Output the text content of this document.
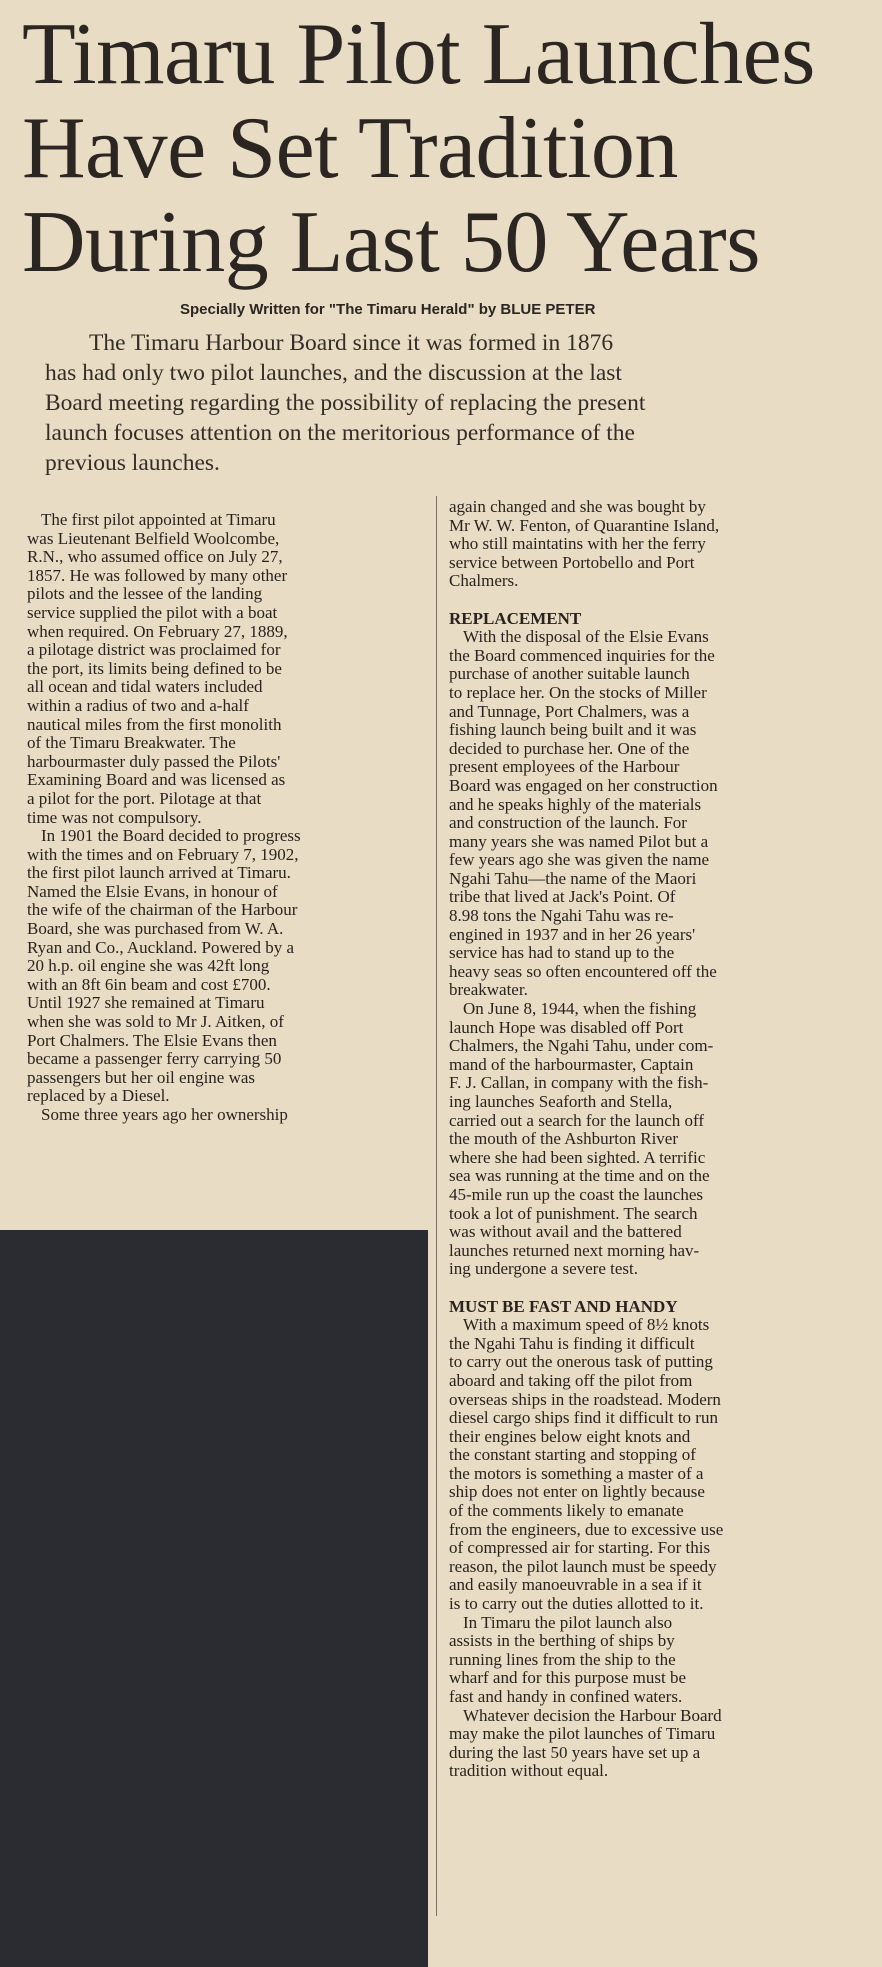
Timaru Pilot Launches
Have Set Tradition
During Last 50 Years
Specially Written for "The Timaru Herald" by BLUE PETER

The Timaru Harbour Board since it was formed in 1876
has had only two pilot launches, and the discussion at the last
Board meeting regarding the possibility of replacing the present
launch focuses attention on the meritorious performance of the
previous launches.

The first pilot appointed at Timaru
was Lieutenant Belfield Woolcombe,
R.N., who assumed office on July 27,
1857. He was followed by many other
pilots and the lessee of the landing
service supplied the pilot with a boat
when required. On February 27, 1889,
a pilotage district was proclaimed for
the port, its limits being defined to be
all ocean and tidal waters included
within a radius of two and a-half
nautical miles from the first monolith
of the Timaru Breakwater. The
harbourmaster duly passed the Pilots'
Examining Board and was licensed as
a pilot for the port. Pilotage at that
time was not compulsory.
In 1901 the Board decided to progress
with the times and on February 7, 1902,
the first pilot launch arrived at Timaru.
Named the Elsie Evans, in honour of
the wife of the chairman of the Harbour
Board, she was purchased from W. A.
Ryan and Co., Auckland. Powered by a
20 h.p. oil engine she was 42ft long
with an 8ft 6in beam and cost £700.
Until 1927 she remained at Timaru
when she was sold to Mr J. Aitken, of
Port Chalmers. The Elsie Evans then
became a passenger ferry carrying 50
passengers but her oil engine was
replaced by a Diesel.
Some three years ago her ownership
again changed and she was bought by
Mr W. W. Fenton, of Quarantine Island,
who still maintatins with her the ferry
service between Portobello and Port
Chalmers.

REPLACEMENT
With the disposal of the Elsie Evans
the Board commenced inquiries for the
purchase of another suitable launch
to replace her. On the stocks of Miller
and Tunnage, Port Chalmers, was a
fishing launch being built and it was
decided to purchase her. One of the
present employees of the Harbour
Board was engaged on her construction
and he speaks highly of the materials
and construction of the launch. For
many years she was named Pilot but a
few years ago she was given the name
Ngahi Tahu—the name of the Maori
tribe that lived at Jack's Point. Of
8.98 tons the Ngahi Tahu was re-
engined in 1937 and in her 26 years'
service has had to stand up to the
heavy seas so often encountered off the
breakwater.
On June 8, 1944, when the fishing
launch Hope was disabled off Port
Chalmers, the Ngahi Tahu, under com-
mand of the harbourmaster, Captain
F. J. Callan, in company with the fish-
ing launches Seaforth and Stella,
carried out a search for the launch off
the mouth of the Ashburton River
where she had been sighted. A terrific
sea was running at the time and on the
45-mile run up the coast the launches
took a lot of punishment. The search
was without avail and the battered
launches returned next morning hav-
ing undergone a severe test.

MUST BE FAST AND HANDY
With a maximum speed of 8½ knots
the Ngahi Tahu is finding it difficult
to carry out the onerous task of putting
aboard and taking off the pilot from
overseas ships in the roadstead. Modern
diesel cargo ships find it difficult to run
their engines below eight knots and
the constant starting and stopping of
the motors is something a master of a
ship does not enter on lightly because
of the comments likely to emanate
from the engineers, due to excessive use
of compressed air for starting. For this
reason, the pilot launch must be speedy
and easily manoeuvrable in a sea if it
is to carry out the duties allotted to it.
In Timaru the pilot launch also
assists in the berthing of ships by
running lines from the ship to the
wharf and for this purpose must be
fast and handy in confined waters.
Whatever decision the Harbour Board
may make the pilot launches of Timaru
during the last 50 years have set up a
tradition without equal.
